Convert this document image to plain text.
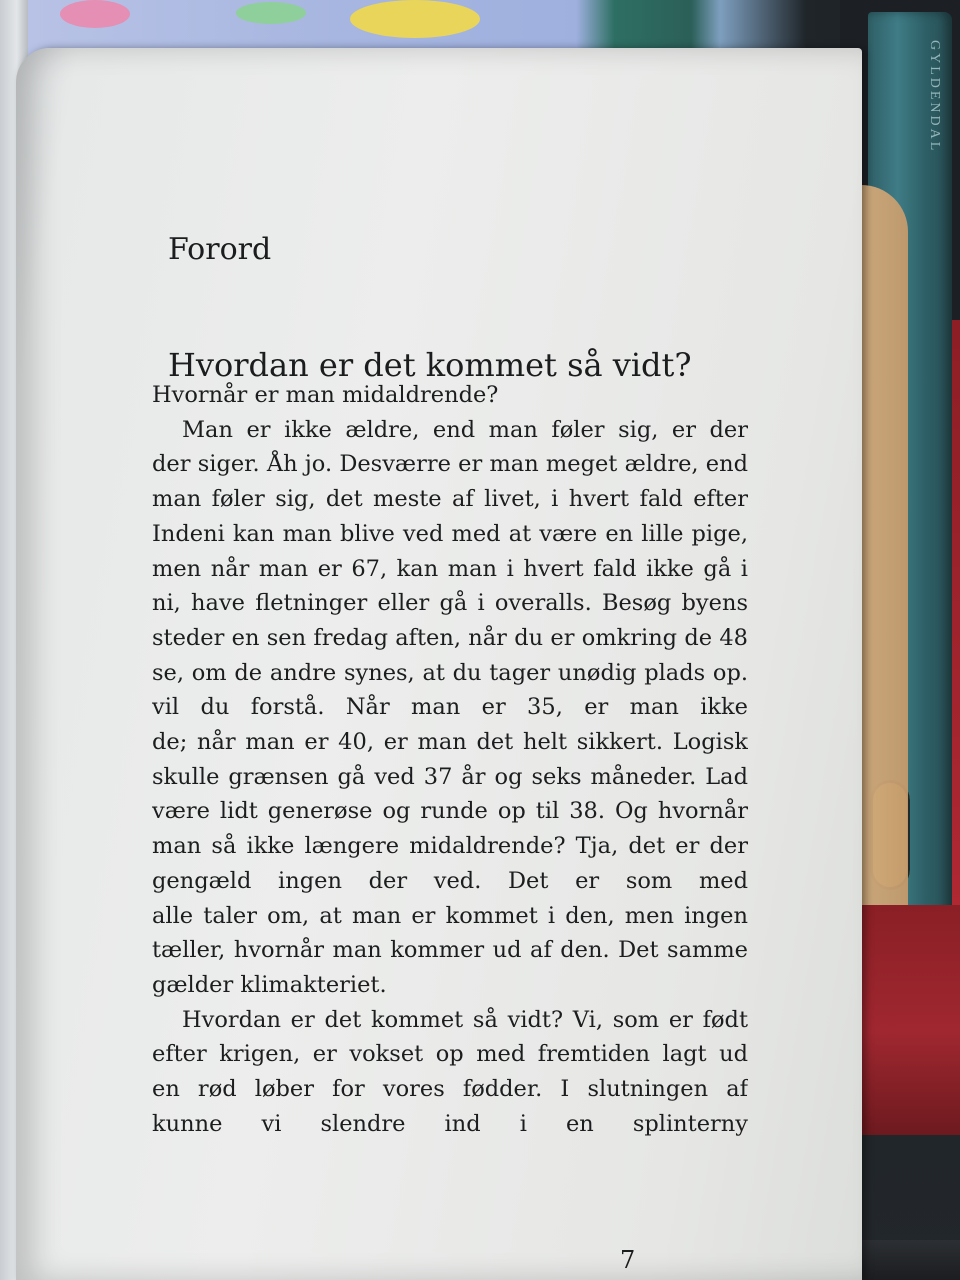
GYLDENDAL
Forord
Hvordan er det kommet så vidt?
Hvornår er man midaldrende?
Man er ikke ældre, end man føler sig, er der
der siger. Åh jo. Desværre er man meget ældre, end
man føler sig, det meste af livet, i hvert fald efter
Indeni kan man blive ved med at være en lille pige,
men når man er 67, kan man i hvert fald ikke gå i
ni, have fletninger eller gå i overalls. Besøg byens
steder en sen fredag aften, når du er omkring de 48
se, om de andre synes, at du tager unødig plads op.
vil du forstå. Når man er 35, er man ikke
de; når man er 40, er man det helt sikkert. Logisk
skulle grænsen gå ved 37 år og seks måneder. Lad
være lidt generøse og runde op til 38. Og hvornår
man så ikke længere midaldrende? Tja, det er der
gengæld ingen der ved. Det er som med
alle taler om, at man er kommet i den, men ingen
tæller, hvornår man kommer ud af den. Det samme
gælder klimakteriet.
Hvordan er det kommet så vidt? Vi, som er født
efter krigen, er vokset op med fremtiden lagt ud
en rød løber for vores fødder. I slutningen af
kunne vi slendre ind i en splinterny
7
